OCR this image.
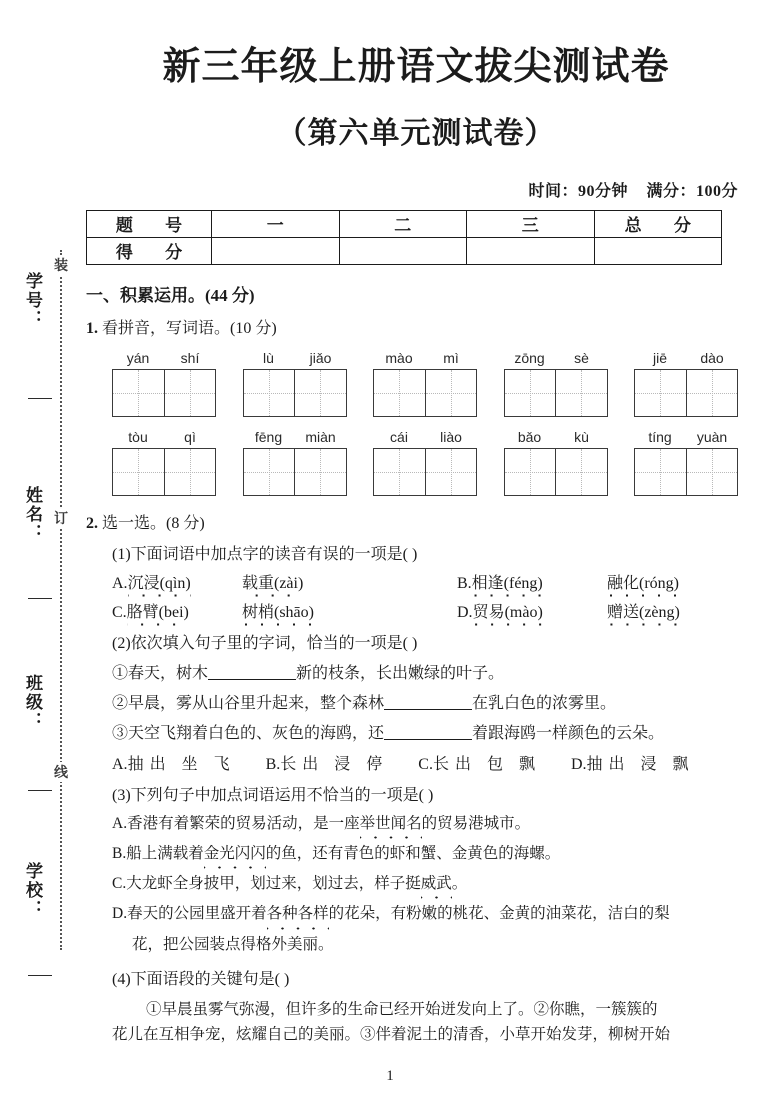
装
订
线
学号：
姓名：
班级：
学校：
新三年级上册语文拔尖测试卷
（第六单元测试卷）
时间：90分钟 满分：100分
题 号	一	二	三	总 分
得 分				
一、积累运用。(44 分)
1. 看拼音，写词语。(10 分)
yán	shí	lù	jiǎo	mào	mì	zōng	sè	jiē	dào
tòu	qì	fēng	miàn	cái	liào	bǎo	kù	tíng	yuàn
2. 选一选。(8 分)
(1)下面词语中加点字的读音有误的一项是( )
A.沉浸(qìn)	载重(zài)	B.相逢(féng)	融化(róng)
C.胳臂(bei)	树梢(shāo)	D.贸易(mào)	赠送(zèng)
(2)依次填入句子里的字词，恰当的一项是( )
①春天，树木	新的枝条，长出嫩绿的叶子。
②早晨，雾从山谷里升起来，整个森林	在乳白色的浓雾里。
③天空飞翔着白色的、灰色的海鸥，还	着跟海鸥一样颜色的云朵。
A.抽出 坐 飞 B.长出 浸 停 C.长出 包 飘 D.抽出 浸 飘
(3)下列句子中加点词语运用不恰当的一项是( )
A.香港有着繁荣的贸易活动，是一座举世闻名的贸易港城市。
B.船上满载着金光闪闪的鱼，还有青色的虾和蟹、金黄色的海螺。
C.大龙虾全身披甲，划过来，划过去，样子挺威武。
D.春天的公园里盛开着各种各样的花朵，有粉嫩的桃花、金黄的油菜花，洁白的梨
花，把公园装点得格外美丽。
(4)下面语段的关键句是( )
①早晨虽雾气弥漫，但许多的生命已经开始迸发向上了。②你瞧，一簇簇的
花儿在互相争宠，炫耀自己的美丽。③伴着泥土的清香，小草开始发芽，柳树开始
1
